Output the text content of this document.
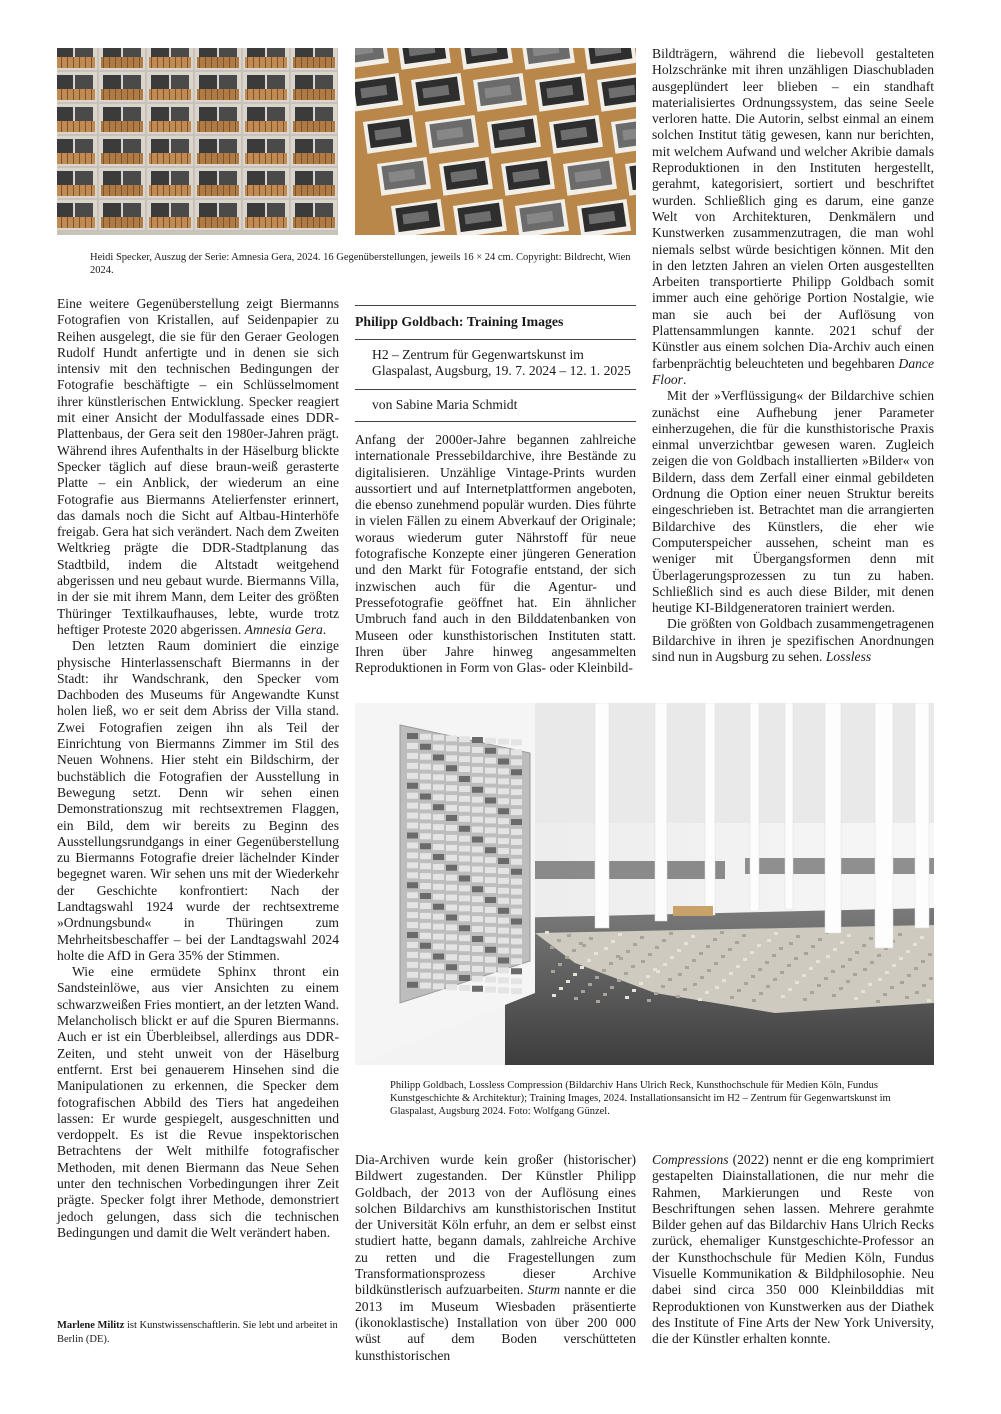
Heidi Specker, Auszug der Serie: Amnesia Gera, 2024. 16 Gegenüberstellungen, jeweils 16 × 24 cm. Copyright: Bildrecht, Wien 2024.

Eine weitere Gegenüberstellung zeigt Biermanns Fotografien von Kristallen, auf Seidenpapier zu Reihen ausgelegt, die sie für den Geraer Geologen Rudolf Hundt anfertigte und in denen sie sich intensiv mit den technischen Bedingungen der Fotografie beschäftigte – ein Schlüsselmoment ihrer künstlerischen Entwicklung. Specker reagiert mit einer Ansicht der Modulfassade eines DDR-Plattenbaus, der Gera seit den 1980er-Jahren prägt. Während ihres Aufenthalts in der Häselburg blickte Specker täglich auf diese braun-weiß gerasterte Platte – ein Anblick, der wiederum an eine Fotografie aus Biermanns Atelierfenster erinnert, das damals noch die Sicht auf Altbau-Hinterhöfe freigab. Gera hat sich verändert. Nach dem Zweiten Weltkrieg prägte die DDR-Stadtplanung das Stadtbild, indem die Altstadt weitgehend abgerissen und neu gebaut wurde. Biermanns Villa, in der sie mit ihrem Mann, dem Leiter des größten Thüringer Textilkaufhauses, lebte, wurde trotz heftiger Proteste 2020 abgerissen. Amnesia Gera.

Den letzten Raum dominiert die einzige physische Hinterlassenschaft Biermanns in der Stadt: ihr Wandschrank, den Specker vom Dachboden des Museums für Angewandte Kunst holen ließ, wo er seit dem Abriss der Villa stand. Zwei Fotografien zeigen ihn als Teil der Einrichtung von Biermanns Zimmer im Stil des Neuen Wohnens. Hier steht ein Bildschirm, der buchstäblich die Fotografien der Ausstellung in Bewegung setzt. Denn wir sehen einen Demonstrationszug mit rechtsextremen Flaggen, ein Bild, dem wir bereits zu Beginn des Ausstellungsrundgangs in einer Gegenüberstellung zu Biermanns Fotografie dreier lächelnder Kinder begegnet waren. Wir sehen uns mit der Wiederkehr der Geschichte konfrontiert: Nach der Landtagswahl 1924 wurde der rechtsextreme »Ordnungsbund« in Thüringen zum Mehrheitsbeschaffer – bei der Landtagswahl 2024 holte die AfD in Gera 35% der Stimmen.

Wie eine ermüdete Sphinx thront ein Sandsteinlöwe, aus vier Ansichten zu einem schwarzweißen Fries montiert, an der letzten Wand. Melancholisch blickt er auf die Spuren Biermanns. Auch er ist ein Überbleibsel, allerdings aus DDR-Zeiten, und steht unweit von der Häselburg entfernt. Erst bei genauerem Hinsehen sind die Manipulationen zu erkennen, die Specker dem fotografischen Abbild des Tiers hat angedeihen lassen: Er wurde gespiegelt, ausgeschnitten und verdoppelt. Es ist die Revue inspektorischen Betrachtens der Welt mithilfe fotografischer Methoden, mit denen Biermann das Neue Sehen unter den technischen Vorbedingungen ihrer Zeit prägte. Specker folgt ihrer Methode, demonstriert jedoch gelungen, dass sich die technischen Bedingungen und damit die Welt verändert haben.

Marlene Militz ist Kunstwissenschaftlerin. Sie lebt und arbeitet in Berlin (DE).
Philipp Goldbach: Training Images
H2 – Zentrum für Gegenwartskunst im Glaspalast, Augsburg, 19. 7. 2024 – 12. 1. 2025
von Sabine Maria Schmidt

Anfang der 2000er-Jahre begannen zahlreiche internationale Pressebildarchive, ihre Bestände zu digitalisieren. Unzählige Vintage-Prints wurden aussortiert und auf Internetplattformen angeboten, die ebenso zunehmend populär wurden. Dies führte in vielen Fällen zu einem Abverkauf der Originale; woraus wiederum guter Nährstoff für neue fotografische Konzepte einer jüngeren Generation und den Markt für Fotografie entstand, der sich inzwischen auch für die Agentur- und Pressefotografie geöffnet hat. Ein ähnlicher Umbruch fand auch in den Bilddatenbanken von Museen oder kunsthistorischen Instituten statt. Ihren über Jahre hinweg angesammelten Reproduktionen in Form von Glas- oder Kleinbild-

Bildträgern, während die liebevoll gestalteten Holzschränke mit ihren unzähligen Diaschubladen ausgeplündert leer blieben – ein standhaft materialisiertes Ordnungssystem, das seine Seele verloren hatte. Die Autorin, selbst einmal an einem solchen Institut tätig gewesen, kann nur berichten, mit welchem Aufwand und welcher Akribie damals Reproduktionen in den Instituten hergestellt, gerahmt, kategorisiert, sortiert und beschriftet wurden. Schließlich ging es darum, eine ganze Welt von Architekturen, Denkmälern und Kunstwerken zusammenzutragen, die man wohl niemals selbst würde besichtigen können. Mit den in den letzten Jahren an vielen Orten ausgestellten Arbeiten transportierte Philipp Goldbach somit immer auch eine gehörige Portion Nostalgie, wie man sie auch bei der Auflösung von Plattensammlungen kannte. 2021 schuf der Künstler aus einem solchen Dia-Archiv auch einen farbenprächtig beleuchteten und begehbaren Dance Floor.

Mit der »Verflüssigung« der Bildarchive schien zunächst eine Aufhebung jener Parameter einherzugehen, die für die kunsthistorische Praxis einmal unverzichtbar gewesen waren. Zugleich zeigen die von Goldbach installierten »Bilder« von Bildern, dass dem Zerfall einer einmal gebildeten Ordnung die Option einer neuen Struktur bereits eingeschrieben ist. Betrachtet man die arrangierten Bildarchive des Künstlers, die eher wie Computerspeicher aussehen, scheint man es weniger mit Übergangsformen denn mit Überlagerungsprozessen zu tun zu haben. Schließlich sind es auch diese Bilder, mit denen heutige KI-Bildgeneratoren trainiert werden.

Die größten von Goldbach zusammengetragenen Bildarchive in ihren je spezifischen Anordnungen sind nun in Augsburg zu sehen. Lossless

Philipp Goldbach, Lossless Compression (Bildarchiv Hans Ulrich Reck, Kunsthochschule für Medien Köln, Fundus Kunstgeschichte & Architektur); Training Images, 2024. Installationsansicht im H2 – Zentrum für Gegenwartskunst im Glaspalast, Augsburg 2024. Foto: Wolfgang Günzel.

Dia-Archiven wurde kein großer (historischer) Bildwert zugestanden. Der Künstler Philipp Goldbach, der 2013 von der Auflösung eines solchen Bildarchivs am kunsthistorischen Institut der Universität Köln erfuhr, an dem er selbst einst studiert hatte, begann damals, zahlreiche Archive zu retten und die Fragestellungen zum Transformationsprozess dieser Archive bildkünstlerisch aufzuarbeiten. Sturm nannte er die 2013 im Museum Wiesbaden präsentierte (ikonoklastische) Installation von über 200 000 wüst auf dem Boden verschütteten kunsthistorischen

Compressions (2022) nennt er die eng komprimiert gestapelten Diainstallationen, die nur mehr die Rahmen, Markierungen und Reste von Beschriftungen sehen lassen. Mehrere gerahmte Bilder gehen auf das Bildarchiv Hans Ulrich Recks zurück, ehemaliger Kunstgeschichte-Professor an der Kunsthochschule für Medien Köln, Fundus Visuelle Kommunikation & Bildphilosophie. Neu dabei sind circa 350 000 Kleinbilddias mit Reproduktionen von Kunstwerken aus der Diathek des Institute of Fine Arts der New York University, die der Künstler erhalten konnte.
